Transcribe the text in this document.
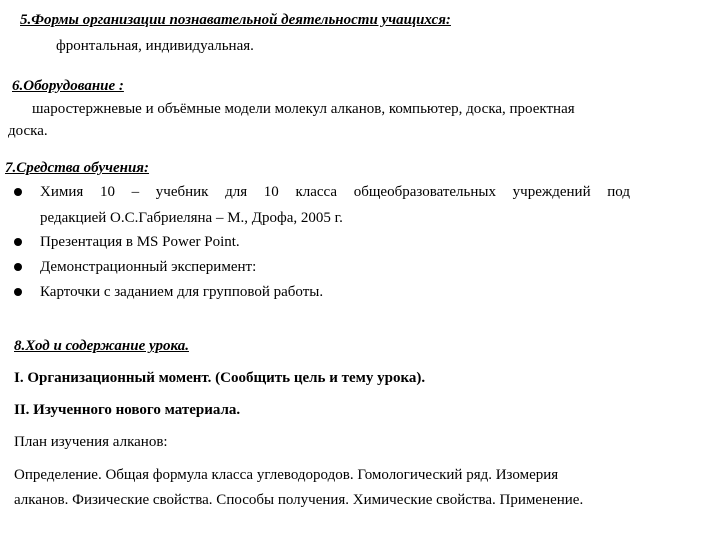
5.Формы организации познавательной деятельности учащихся:
фронтальная, индивидуальная.
6.Оборудование :
шаростержневые и объёмные модели молекул алканов, компьютер, доска, проектная
доска.
7.Средства обучения:
Химия 10 – учебник для 10 класса общеобразовательных учреждений под
редакцией О.С.Габриеляна – М., Дрофа, 2005 г.
Презентация в MS Power Point.
Демонстрационный эксперимент:
Карточки с заданием для групповой работы.
8.Ход и содержание урока.
I. Организационный момент. (Сообщить цель и тему урока).
II. Изученного нового материала.
План изучения алканов:
Определение. Общая формула класса углеводородов. Гомологический ряд. Изомерия
алканов. Физические свойства. Способы получения. Химические свойства. Применение.
